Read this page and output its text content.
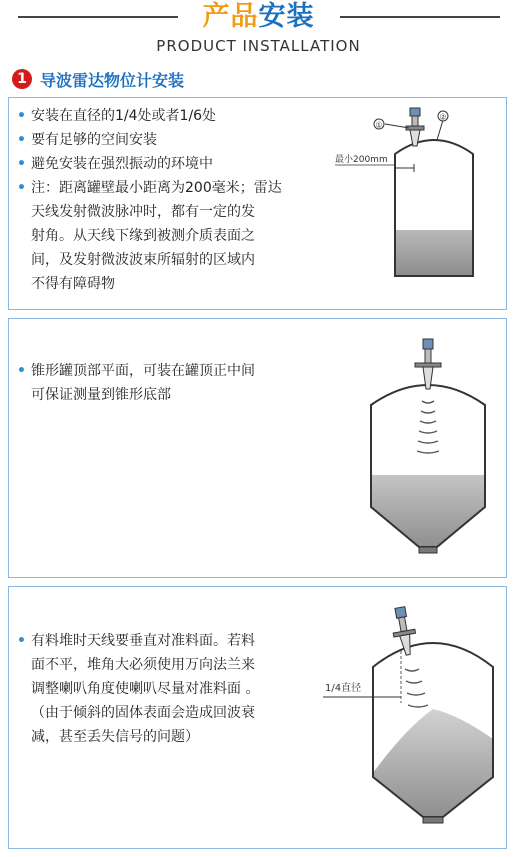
产品安装
PRODUCT INSTALLATION
1 导波雷达物位计安装
• 安装在直径的1/4处或者1/6处
• 要有足够的空间安装
• 避免安装在强烈振动的环境中
• 注：距离罐壁最小距离为200毫米；雷达
天线发射微波脉冲时，都有一定的发
射角。从天线下缘到被测介质表面之
间，及发射微波波束所辐射的区域内
不得有障碍物
①
②
最小200mm
• 锥形罐顶部平面，可装在罐顶正中间
可保证测量到锥形底部
• 有料堆时天线要垂直对准料面。若料
面不平，堆角大必须使用万向法兰来
调整喇叭角度使喇叭尽量对准料面 。
（由于倾斜的固体表面会造成回波衰
减，甚至丢失信号的问题）
1/4直径
